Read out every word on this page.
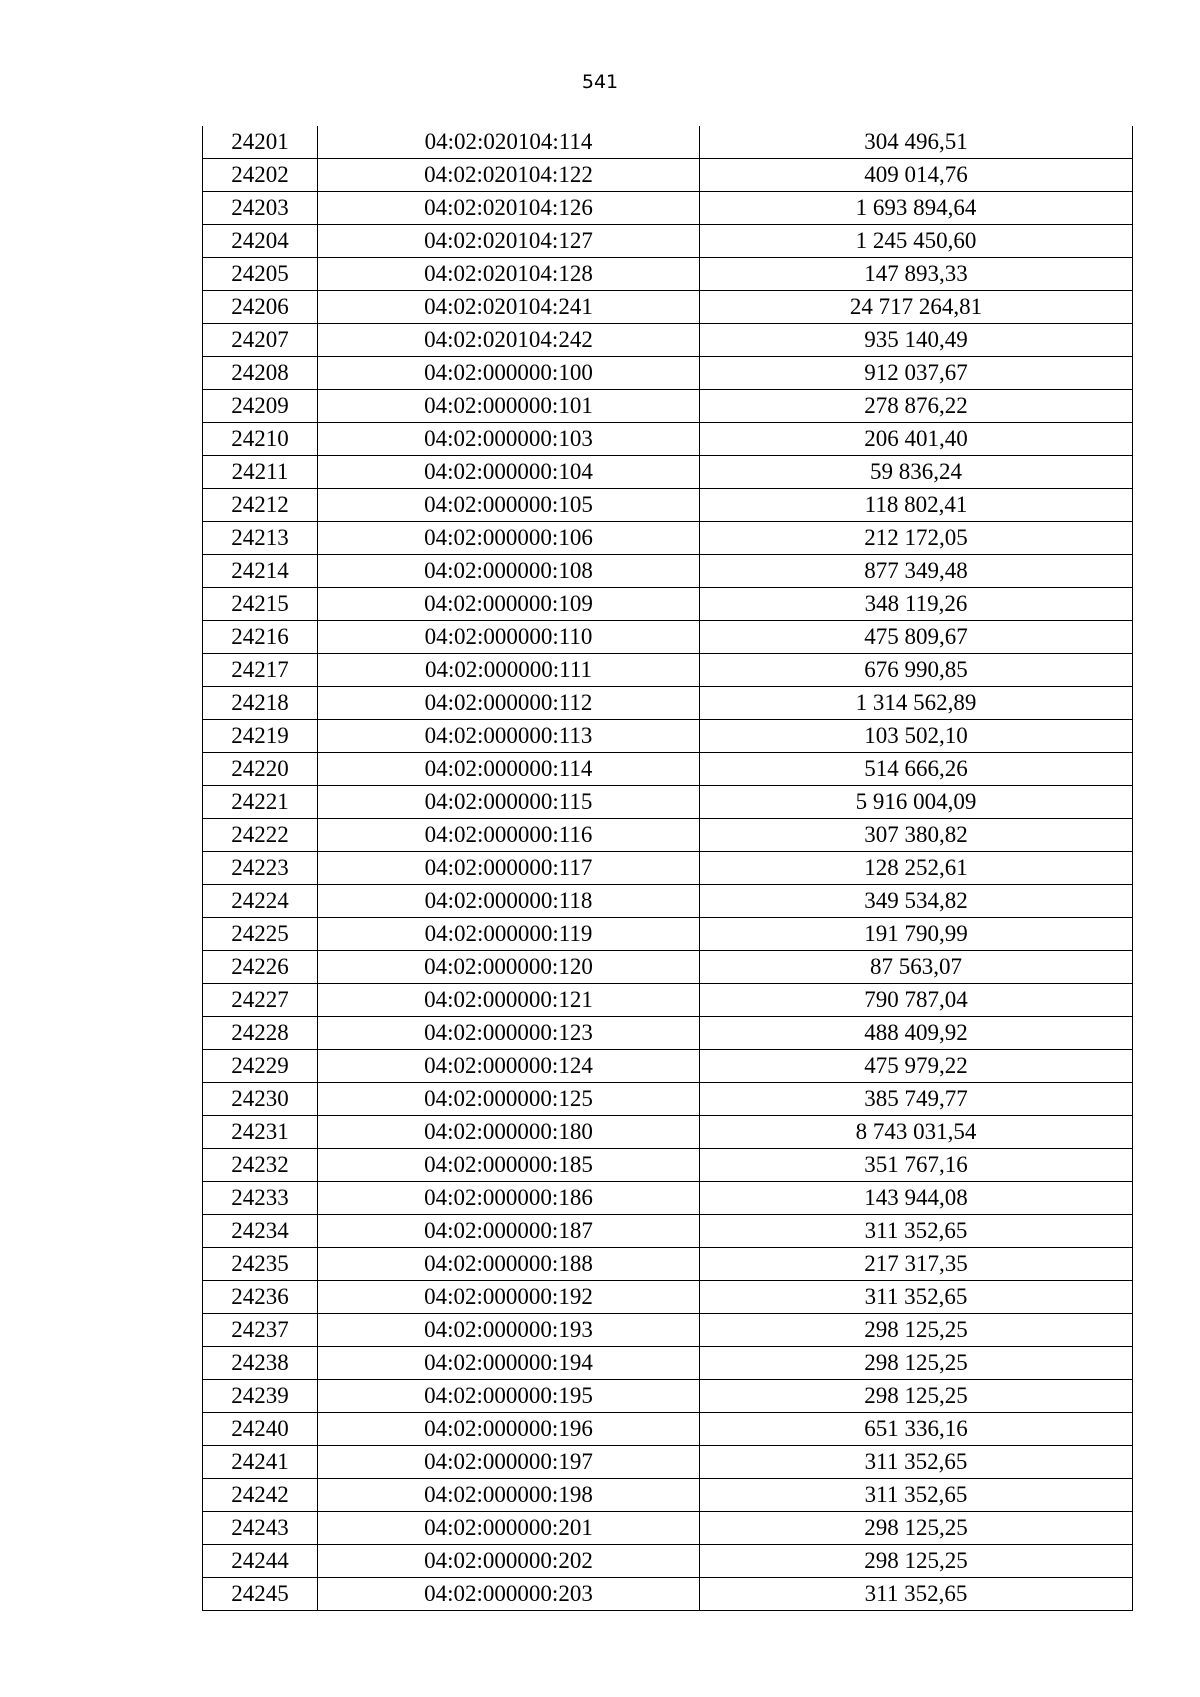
541
24201	04:02:020104:114	304 496,51
24202	04:02:020104:122	409 014,76
24203	04:02:020104:126	1 693 894,64
24204	04:02:020104:127	1 245 450,60
24205	04:02:020104:128	147 893,33
24206	04:02:020104:241	24 717 264,81
24207	04:02:020104:242	935 140,49
24208	04:02:000000:100	912 037,67
24209	04:02:000000:101	278 876,22
24210	04:02:000000:103	206 401,40
24211	04:02:000000:104	59 836,24
24212	04:02:000000:105	118 802,41
24213	04:02:000000:106	212 172,05
24214	04:02:000000:108	877 349,48
24215	04:02:000000:109	348 119,26
24216	04:02:000000:110	475 809,67
24217	04:02:000000:111	676 990,85
24218	04:02:000000:112	1 314 562,89
24219	04:02:000000:113	103 502,10
24220	04:02:000000:114	514 666,26
24221	04:02:000000:115	5 916 004,09
24222	04:02:000000:116	307 380,82
24223	04:02:000000:117	128 252,61
24224	04:02:000000:118	349 534,82
24225	04:02:000000:119	191 790,99
24226	04:02:000000:120	87 563,07
24227	04:02:000000:121	790 787,04
24228	04:02:000000:123	488 409,92
24229	04:02:000000:124	475 979,22
24230	04:02:000000:125	385 749,77
24231	04:02:000000:180	8 743 031,54
24232	04:02:000000:185	351 767,16
24233	04:02:000000:186	143 944,08
24234	04:02:000000:187	311 352,65
24235	04:02:000000:188	217 317,35
24236	04:02:000000:192	311 352,65
24237	04:02:000000:193	298 125,25
24238	04:02:000000:194	298 125,25
24239	04:02:000000:195	298 125,25
24240	04:02:000000:196	651 336,16
24241	04:02:000000:197	311 352,65
24242	04:02:000000:198	311 352,65
24243	04:02:000000:201	298 125,25
24244	04:02:000000:202	298 125,25
24245	04:02:000000:203	311 352,65
